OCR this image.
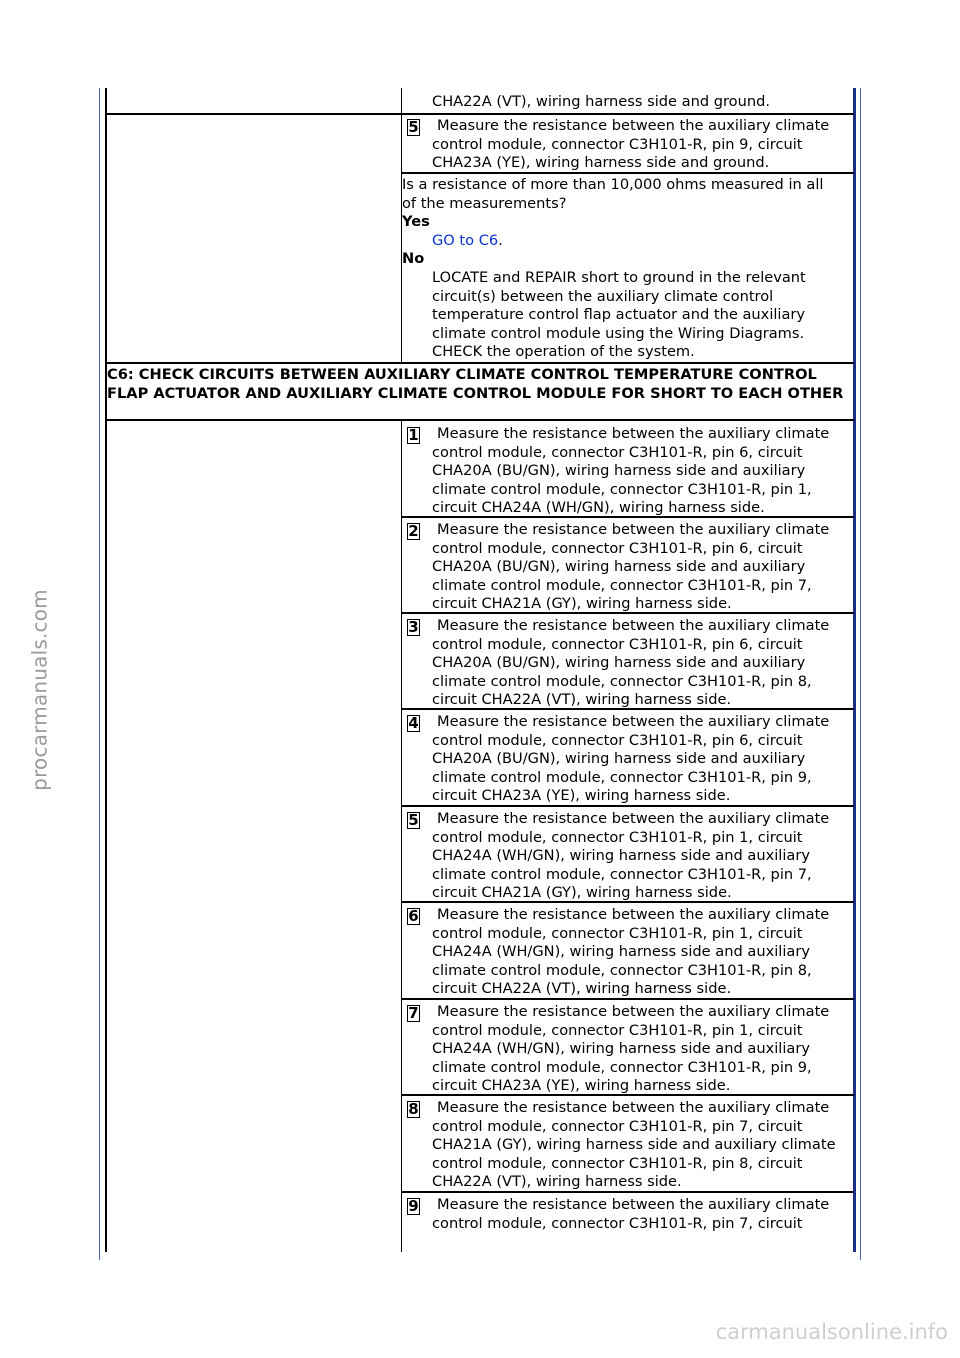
procarmanuals.com
carmanualsonline.info
CHA22A (VT), wiring harness side and ground.
5	Measure the resistance between the auxiliary climate
control module, connector C3H101-R, pin 9, circuit CHA23A (YE), wiring harness side and ground.
Is a resistance of more than 10,000 ohms measured in all of the measurements?
Yes
GO to C6.
No
LOCATE and REPAIR short to ground in the relevant circuit(s) between the auxiliary climate control temperature control flap actuator and the auxiliary climate control module using the Wiring Diagrams. CHECK the operation of the system.
C6: CHECK CIRCUITS BETWEEN AUXILIARY CLIMATE CONTROL TEMPERATURE CONTROL FLAP ACTUATOR AND AUXILIARY CLIMATE CONTROL MODULE FOR SHORT TO EACH OTHER
1	Measure the resistance between the auxiliary climate
control module, connector C3H101-R, pin 6, circuit CHA20A (BU/GN), wiring harness side and auxiliary climate control module, connector C3H101-R, pin 1, circuit CHA24A (WH/GN), wiring harness side.
2	Measure the resistance between the auxiliary climate
control module, connector C3H101-R, pin 6, circuit CHA20A (BU/GN), wiring harness side and auxiliary climate control module, connector C3H101-R, pin 7, circuit CHA21A (GY), wiring harness side.
3	Measure the resistance between the auxiliary climate
control module, connector C3H101-R, pin 6, circuit CHA20A (BU/GN), wiring harness side and auxiliary climate control module, connector C3H101-R, pin 8, circuit CHA22A (VT), wiring harness side.
4	Measure the resistance between the auxiliary climate
control module, connector C3H101-R, pin 6, circuit CHA20A (BU/GN), wiring harness side and auxiliary climate control module, connector C3H101-R, pin 9, circuit CHA23A (YE), wiring harness side.
5	Measure the resistance between the auxiliary climate
control module, connector C3H101-R, pin 1, circuit CHA24A (WH/GN), wiring harness side and auxiliary climate control module, connector C3H101-R, pin 7, circuit CHA21A (GY), wiring harness side.
6	Measure the resistance between the auxiliary climate
control module, connector C3H101-R, pin 1, circuit CHA24A (WH/GN), wiring harness side and auxiliary climate control module, connector C3H101-R, pin 8, circuit CHA22A (VT), wiring harness side.
7	Measure the resistance between the auxiliary climate
control module, connector C3H101-R, pin 1, circuit CHA24A (WH/GN), wiring harness side and auxiliary climate control module, connector C3H101-R, pin 9, circuit CHA23A (YE), wiring harness side.
8	Measure the resistance between the auxiliary climate
control module, connector C3H101-R, pin 7, circuit CHA21A (GY), wiring harness side and auxiliary climate control module, connector C3H101-R, pin 8, circuit CHA22A (VT), wiring harness side.
9	Measure the resistance between the auxiliary climate
control module, connector C3H101-R, pin 7, circuit
